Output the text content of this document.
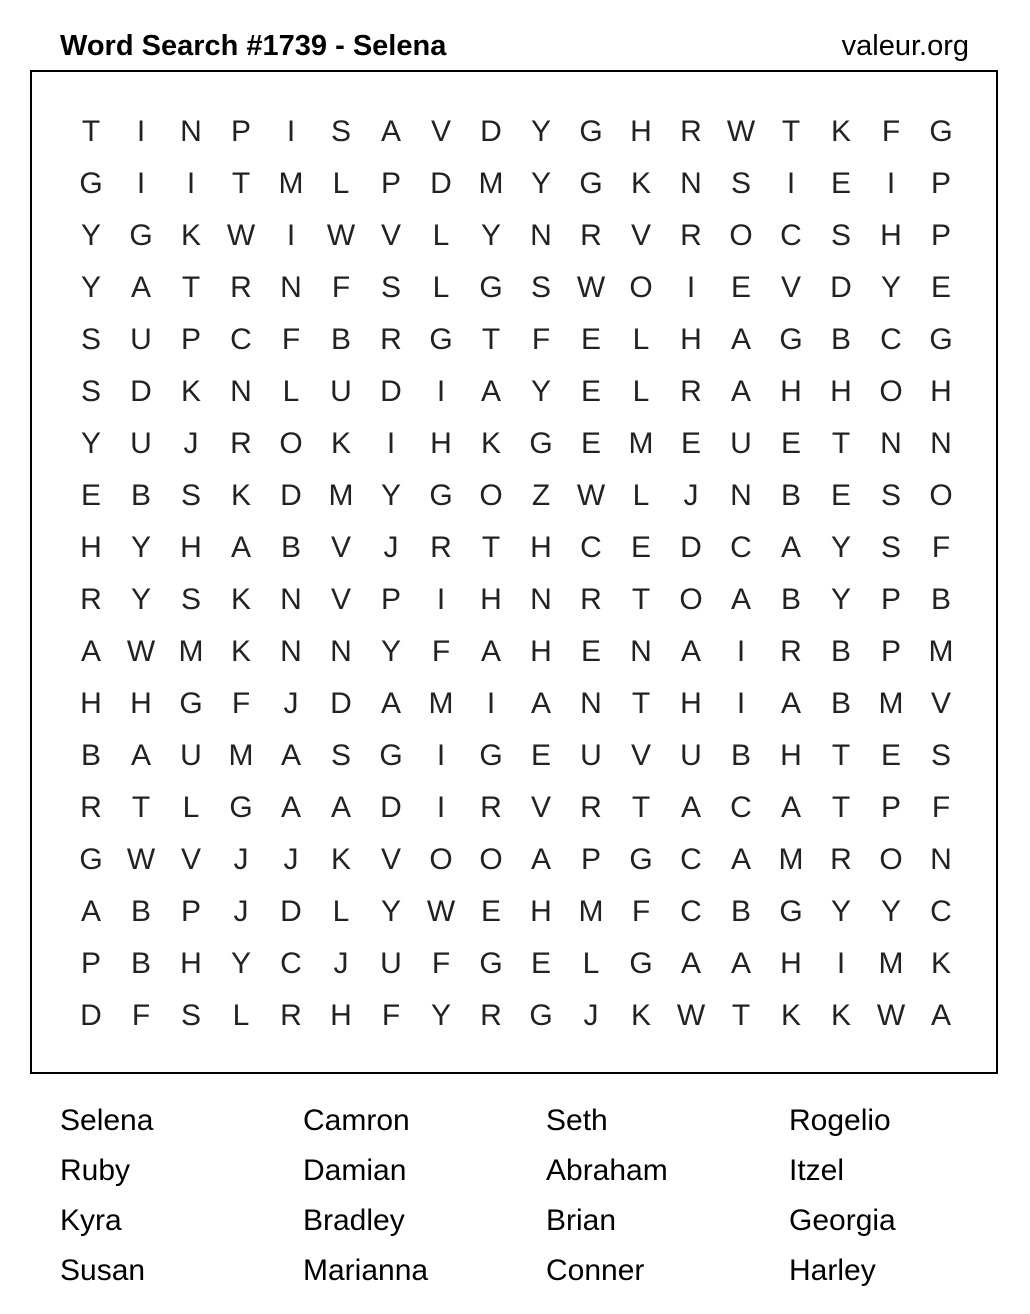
Word Search #1739 - Selena	valeur.org
T	I	N P	I	S A V D Y G H R W T	K	F G
G	I	I	T M L	P D M Y G K N S	I	E	I	P
Y G K W	I	W V	L	Y N R V R O C S H P
Y A	T	R N	F	S	L G S W O	I	E V D Y E
S U P C	F	B R G T	F	E	L	H A G B C G
S D K N	L	U D	I	A Y E	L	R A H H O H
Y U	J	R O K	I	H K G E M E U E	T	N N
E B S K D M Y G O Z W L	J	N B E S O
H Y H A B V	J	R	T	H C E D C A Y S	F
R Y S K N V P	I	H N R	T O A B Y P B
A W M K N N Y	F	A H E N A	I	R B P M
H H G F	J	D A M	I	A N	T	H	I	A B M V
B A U M A S G	I	G E U V U B H	T	E S
R	T	L G A A D	I	R V R	T	A C A	T	P	F
G W V	J	J	K V O O A P G C A M R O N
A B P	J	D	L	Y W E H M F	C B G Y Y C
P B H Y C	J	U	F G E	L G A A H	I	M K
D	F	S	L	R H	F	Y R G	J	K W T	K K W A
Selena	Camron	Seth	Rogelio
Ruby	Damian	Abraham	Itzel
Kyra	Bradley	Brian	Georgia
Susan	Marianna	Conner	Harley
